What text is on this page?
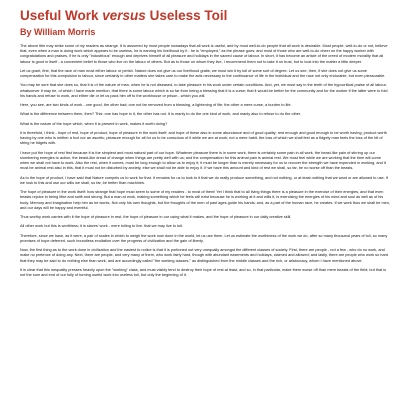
Useful Work versus Useless Toil
By William Morris

The above title may strike some of my readers as strange. It is assumed by most people nowadays that all work is useful, and by most well-to-do people that all work is desirable. Most people, well-to-do or not, believe that, even when a man is doing work which appears to be useless, he is earning his livelihood by it - he is "employed," as the phrase goes; and most of those who are well-to-do cheer on the happy worker with congratulations and praises, if he is only "industrious" enough and deprives himself of all pleasure and holidays in the sacred cause of labour. In short, it has become an article of the creed of modern morality that all labour is good in itself - a convenient belief to those who live on the labour of others. But as to those on whom they live, I recommend them not to take it on trust, but to look into the matter a little deeper.

Let us grant, first, that the race of man must either labour or perish. Nature does not give us our livelihood gratis; we must win it by toil of some sort of degree. Let us see, then, if she does not give us some compensation for this compulsion to labour, since certainly in other matters she takes care to make the acts necessary to the continuance of life in the individual and the race not only endurable, but even pleasurable.

You may be sure that she does so, that it is of the nature of man, when he is not diseased, to take pleasure in his work under certain conditions. And, yet, we must say in the teeth of the hypocritical praise of all labour, whatsoever it may be, of which I have made mention, that there is some labour which is so far from being a blessing that it is a curse; that it would be better for the community and for the worker if the latter were to fold his hands and refuse to work, and either die or let us pack him off to the workhouse or prison - which you will.

Here, you see, are two kinds of work - one good, the other bad; one not far removed from a blessing, a lightening of life; the other a mere curse, a burden to life.

What is the difference between them, then? This: one has hope in it, the other has not. It is manly to do the one kind of work, and manly also to refuse to do the other.

What is the nature of the hope which, when it is present in work, makes it worth doing?

It is threefold, I think - hope of rest, hope of product, hope of pleasure in the work itself; and hope of these also in some abundance and of good quality; rest enough and good enough to be worth having; product worth having by one who is neither a fool nor an ascetic; pleasure enough for all for us to be conscious of it while we are at work; not a mere habit, the loss of which we shall feel as a fidgety man feels the loss of the bit of string he fidgets with.

I have put the hope of rest first because it is the simplest and most natural part of our hope. Whatever pleasure there is in some work, there is certainly some pain in all work, the beast-like pain of stirring up our slumbering energies to action, the beast-like dread of change when things are pretty well with us; and the compensation for this animal pain is animal rest. We must feel while we are working that the time will come when we shall not have to work. Also the rest, when it comes, must be long enough to allow us to enjoy it; it must be longer than is merely necessary for us to recover the strength we have expended in working, and it must be animal rest also in this, that it must not be disturbed by anxiety, else we shall not be able to enjoy it. If we have this amount and kind of rest we shall, so far, be no worse off than the beasts.

As to the hope of product, I have said that Nature compels us to work for that. It remains for us to look to it that we do really produce something, and not nothing, or at least nothing that we want or are allowed to use. If we look to this and use our wills we shall, so far, be better than machines.

The hope of pleasure in the work itself: how strange that hope must seem to some of my readers - to most of them! Yet I think that to all living things there is a pleasure in the exercise of their energies, and that even beasts rejoice in being lithe and swift and strong. But a man at work, making something which he feels will exist because he is working at it and wills it, is exercising the energies of his mind and soul as well as of his body. Memory and imagination help him as he works. Not only his own thoughts, but the thoughts of the men of past ages guide his hands; and, as a part of the human race, he creates. If we work thus we shall be men, and our days will be happy and eventful.

Thus worthy work carries with it the hope of pleasure in rest, the hope of pleasure in our using what it makes, and the hope of pleasure in our daily creative skill.

All other work but this is worthless; it is slaves' work - mere toiling to live, that we may live to toil.

Therefore, since we have, as it were, a pair of scales in which to weigh the work now done in the world, let us use them. Let us estimate the worthiness of the work we do, after so many thousand years of toil, so many promises of hope deferred, such boundless exultation over the progress of civilization and the gain of liberty.

Now, the first thing as to the work done in civilization and the easiest to notice is that it is portioned out very unequally amongst the different classes of society. First, there are people - not a few - who do no work, and make no pretence of doing any. Next, there are people, and very many of them, who work fairly hard, though with abundant easements and holidays, claimed and allowed; and lastly, there are people who work so hard that they may be said to do nothing else than work, and are accordingly called "the working classes," as distinguished from the middle classes and the rich, or aristocracy, whom I have mentioned above.

It is clear that this inequality presses heavily upon the "working" class, and must visibly tend to destroy their hope of rest at least, and so, in that particular, make them worse off than mere beasts of the field; but that is not the sum and end of our folly of turning useful work into useless toil, but only the beginning of it.
